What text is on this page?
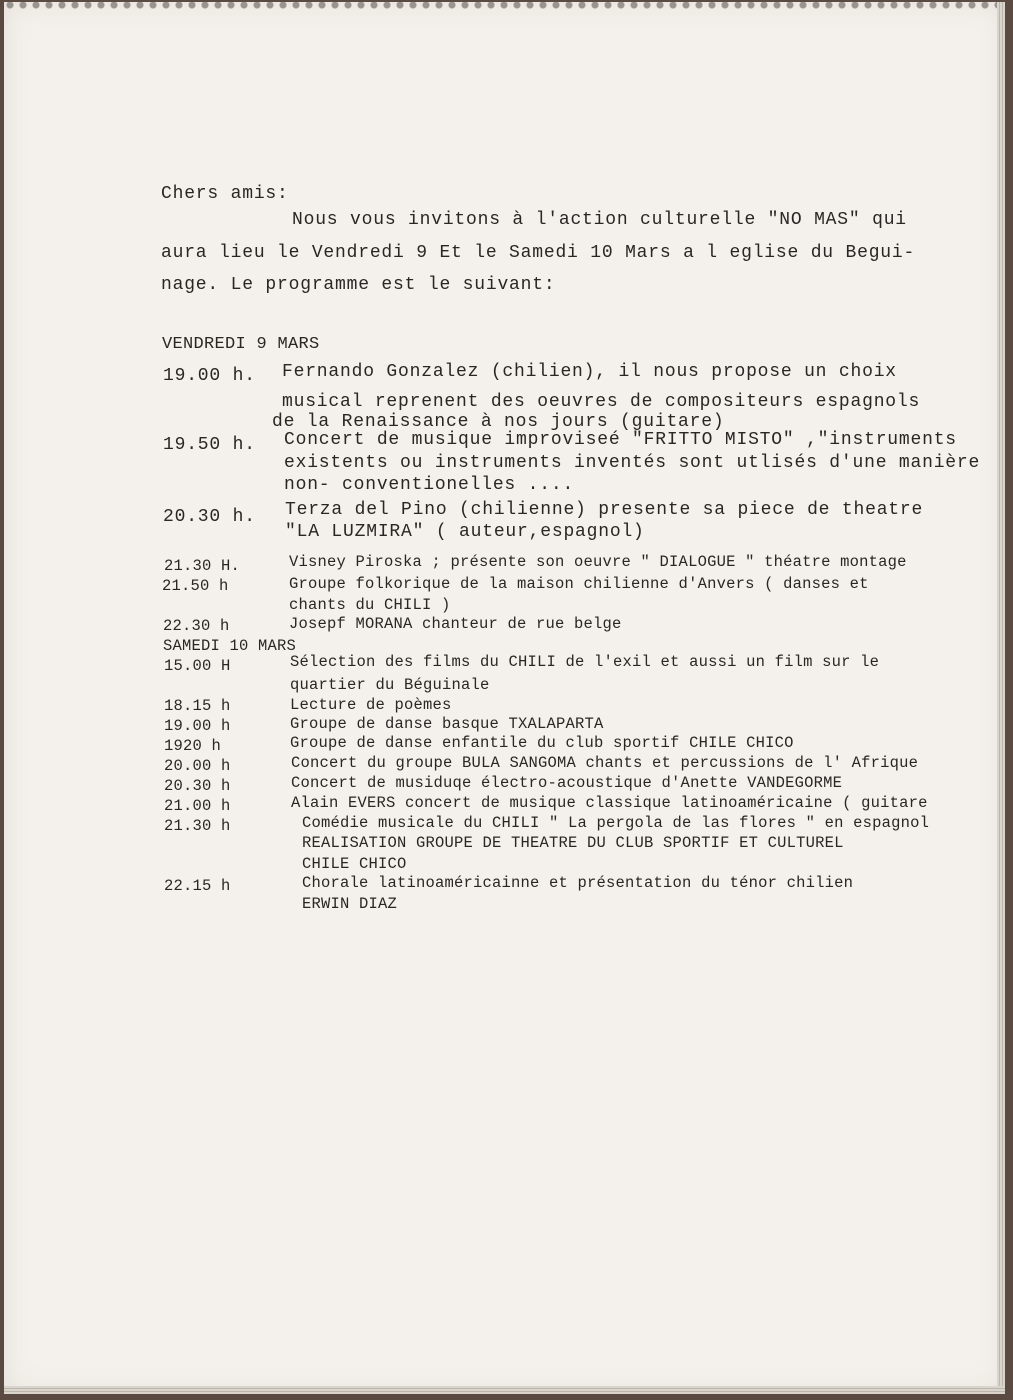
Chers amis:
Nous vous invitons à l'action culturelle "NO MAS" qui
aura lieu le Vendredi 9 Et le Samedi 10 Mars a l eglise du Begui-
nage. Le programme est le suivant:
VENDREDI 9 MARS
19.00 h. Fernando Gonzalez (chilien), il nous propose un choix
musical reprenent des oeuvres de compositeurs espagnols
de la Renaissance à nos jours (guitare)
19.50 h. Concert de musique improviseé "FRITTO MISTO" ,"instruments
existents ou instruments inventés sont utlisés d'une manière
non- conventionelles ....
20.30 h. Terza del Pino (chilienne) presente sa piece de theatre
"LA LUZMIRA" ( auteur,espagnol)
21.30 H.	Visney Piroska ; présente son oeuvre " DIALOGUE " théatre montage
21.50 h	Groupe folkorique de la maison chilienne d'Anvers ( danses et
chants du CHILI )
22.30 h	Josepf MORANA chanteur de rue belge
SAMEDI 10 MARS
15.00 H	Sélection des films du CHILI de l'exil et aussi un film sur le
quartier du Béguinale
18.15 h	Lecture de poèmes
19.00 h	Groupe de danse basque TXALAPARTA
1920 h	Groupe de danse enfantile du club sportif CHILE CHICO
20.00 h	Concert du groupe BULA SANGOMA chants et percussions de l' Afrique
20.30 h	Concert de musiduqe électro-acoustique d'Anette VANDEGORME
21.00 h	Alain EVERS concert de musique classique latinoaméricaine ( guitare
21.30 h	Comédie musicale du CHILI " La pergola de las flores " en espagnol
REALISATION GROUPE DE THEATRE DU CLUB SPORTIF ET CULTUREL
CHILE CHICO
22.15 h	Chorale latinoaméricainne et présentation du ténor chilien
ERWIN DIAZ
